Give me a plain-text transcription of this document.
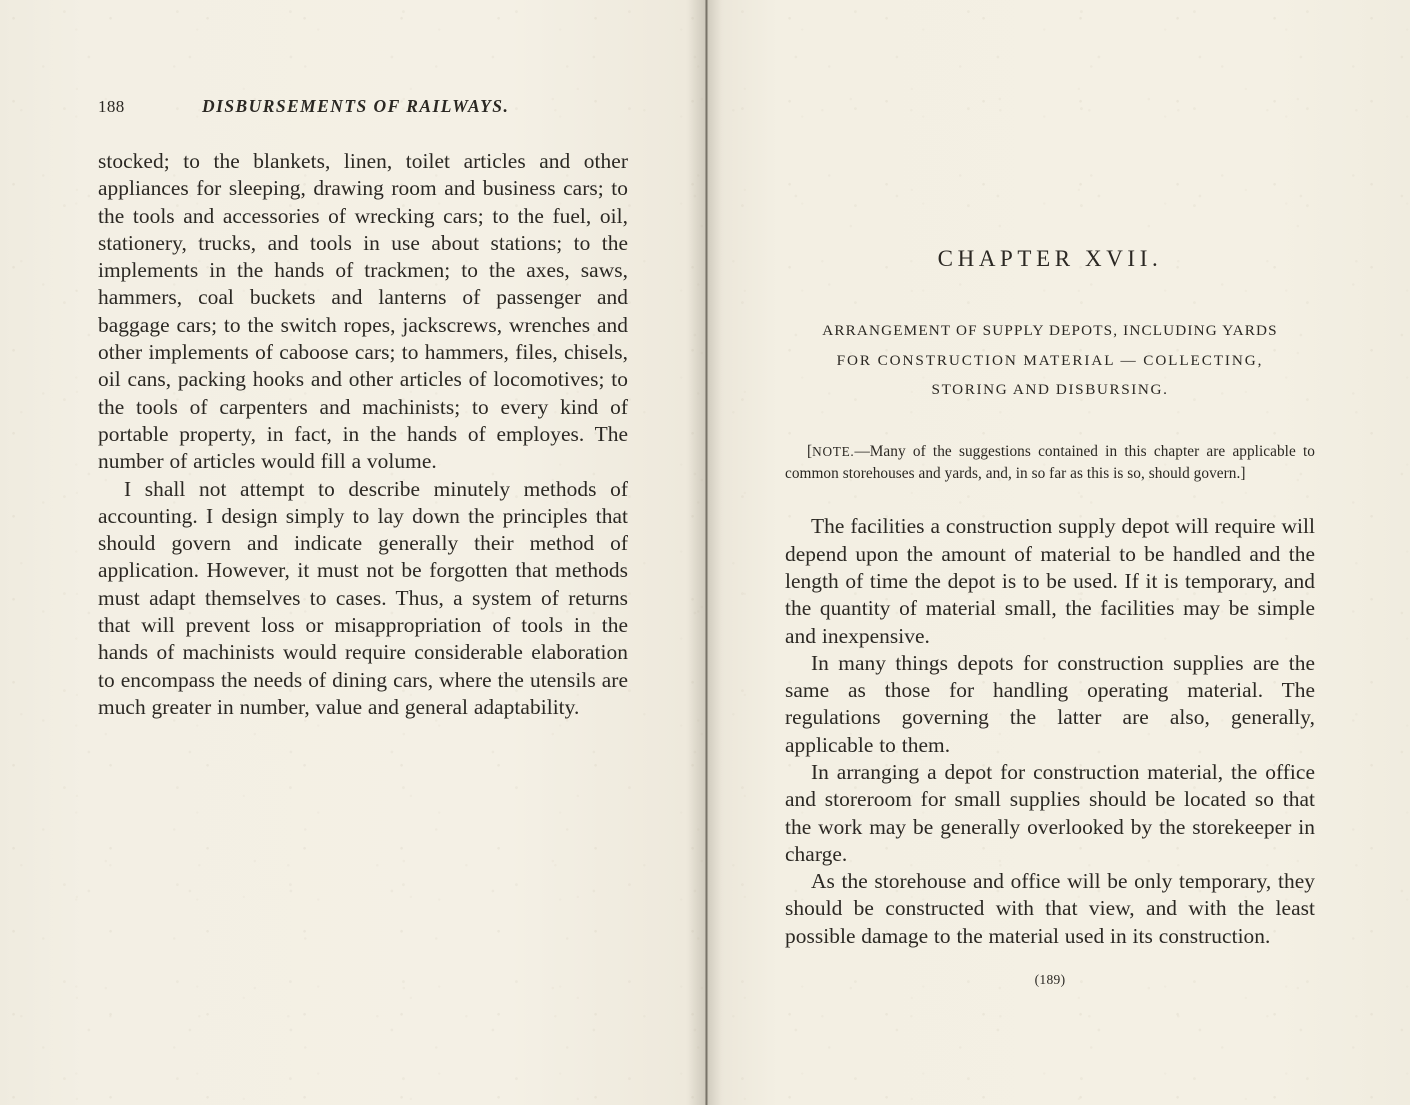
188	DISBURSEMENTS OF RAILWAYS.

stocked; to the blankets, linen, toilet articles and other appliances for sleeping, drawing room and business cars; to the tools and accessories of wrecking cars; to the fuel, oil, stationery, trucks, and tools in use about stations; to the implements in the hands of trackmen; to the axes, saws, hammers, coal buckets and lanterns of passenger and baggage cars; to the switch ropes, jackscrews, wrenches and other implements of caboose cars; to hammers, files, chisels, oil cans, packing hooks and other articles of locomotives; to the tools of carpenters and machinists; to every kind of portable property, in fact, in the hands of employes. The number of articles would fill a volume.

I shall not attempt to describe minutely methods of accounting. I design simply to lay down the principles that should govern and indicate generally their method of application. However, it must not be forgotten that methods must adapt themselves to cases. Thus, a system of returns that will prevent loss or misappropriation of tools in the hands of machinists would require considerable elaboration to encompass the needs of dining cars, where the utensils are much greater in number, value and general adaptability.

CHAPTER XVII.
ARRANGEMENT OF SUPPLY DEPOTS, INCLUDING YARDS
FOR CONSTRUCTION MATERIAL — COLLECTING,
STORING AND DISBURSING.

[NOTE.—Many of the suggestions contained in this chapter are applicable to common storehouses and yards, and, in so far as this is so, should govern.]

The facilities a construction supply depot will require will depend upon the amount of material to be handled and the length of time the depot is to be used. If it is temporary, and the quantity of material small, the facilities may be simple and inexpensive.

In many things depots for construction supplies are the same as those for handling operating material. The regulations governing the latter are also, generally, applicable to them.

In arranging a depot for construction material, the office and storeroom for small supplies should be located so that the work may be generally overlooked by the storekeeper in charge.

As the storehouse and office will be only temporary, they should be constructed with that view, and with the least possible damage to the material used in its construction.

(189)
